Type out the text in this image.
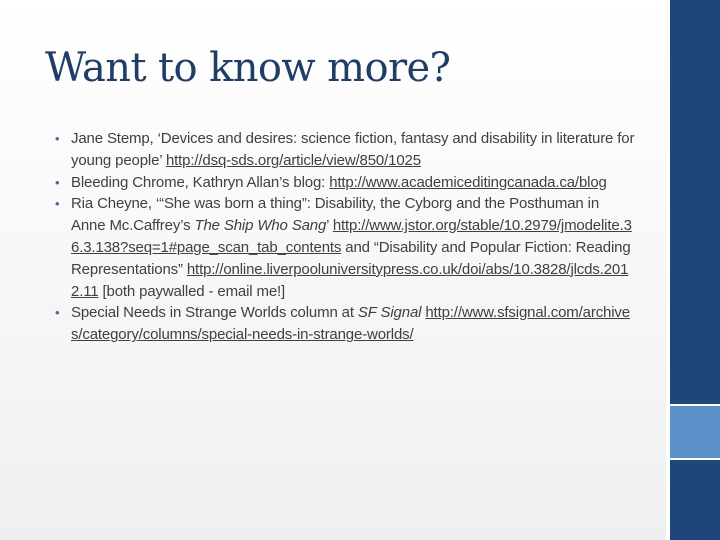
Want to know more?
• Jane Stemp, ‘Devices and desires: science fiction, fantasy and disability in literature for young people’ http://dsq-sds.org/article/view/850/1025
• Bleeding Chrome, Kathryn Allan’s blog: http://www.academiceditingcanada.ca/blog
• Ria Cheyne, ‘“She was born a thing”: Disability, the Cyborg and the Posthuman in Anne Mc.Caffrey’s The Ship Who Sang’ http://www.jstor.org/stable/10.2979/jmodelite.36.3.138?seq=1#page_scan_tab_contents and “Disability and Popular Fiction: Reading Representations” http://online.liverpooluniversitypress.co.uk/doi/abs/10.3828/jlcds.2012.11 [both paywalled - email me!]
• Special Needs in Strange Worlds column at SF Signal http://www.sfsignal.com/archives/category/columns/special-needs-in-strange-worlds/
